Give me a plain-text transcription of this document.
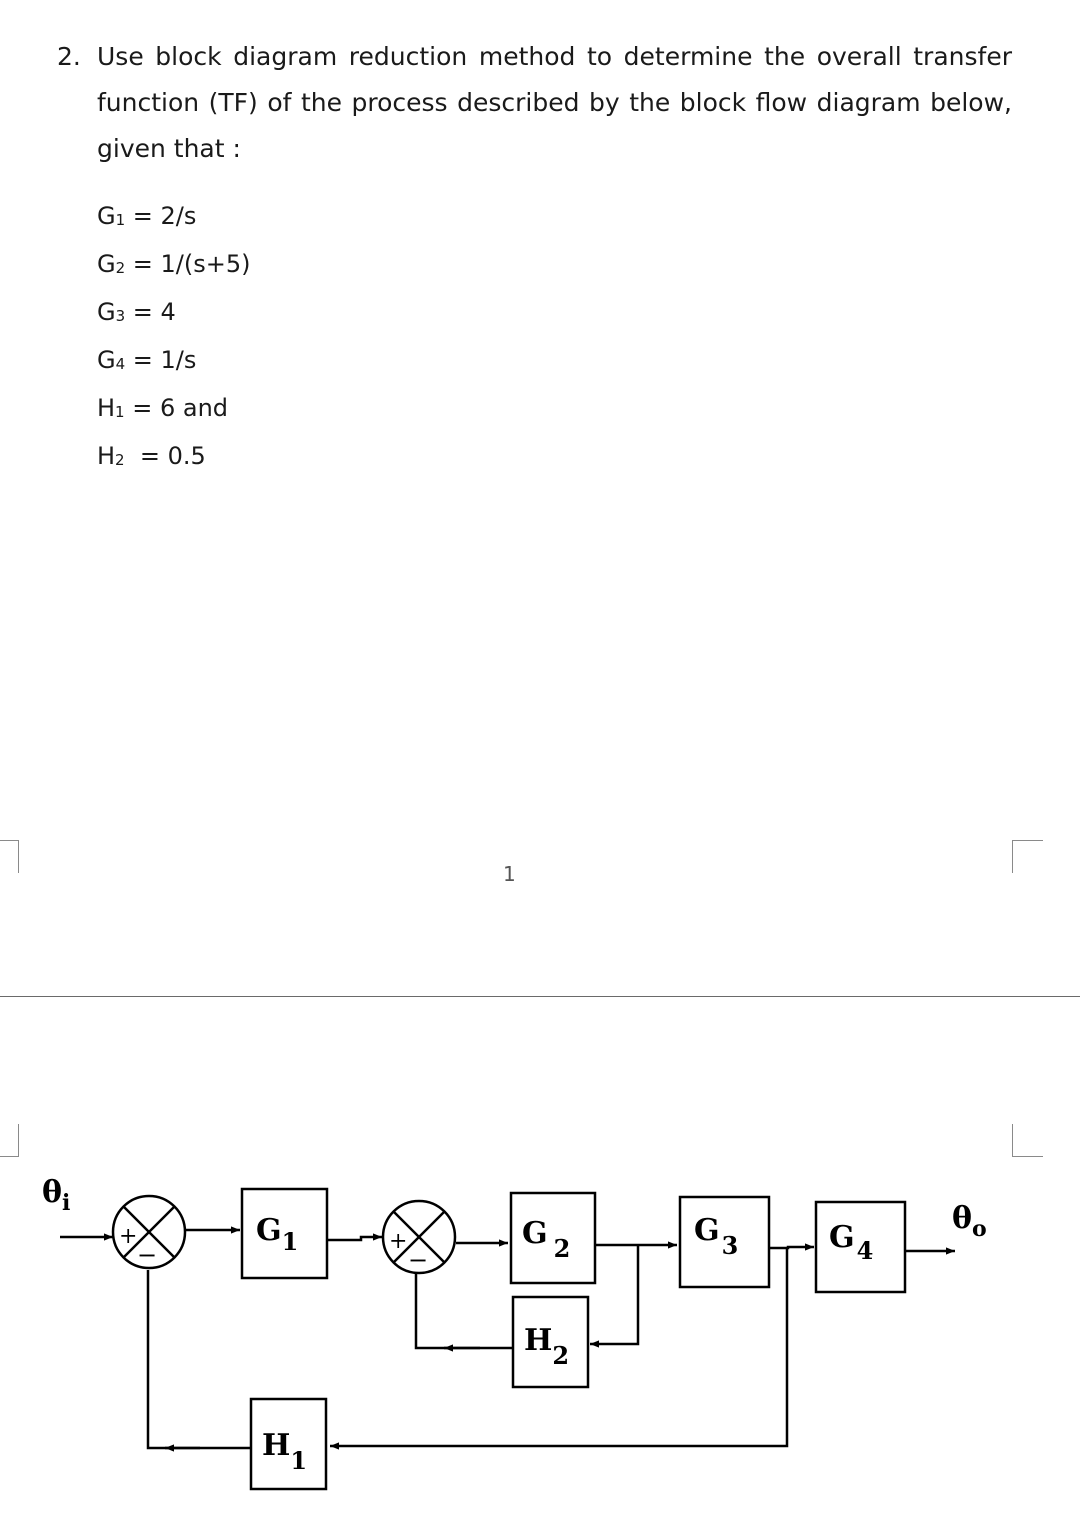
2. Use block diagram reduction method to determine the overall transfer function (TF) of the process described by the block flow diagram below, given that :
$G_1 = 2/s$
$G_2 = 1/(s+5)$
$G_3 = 4$
$G_4 = 1/s$
$H_1 = 6$ and
$H_2 = 0.5$
1
+
−	+
−
$G_1$	G $_2$
$G_3$	$G_4$
$H_2$
$H_1$
$\theta_i$	$\theta_o$
